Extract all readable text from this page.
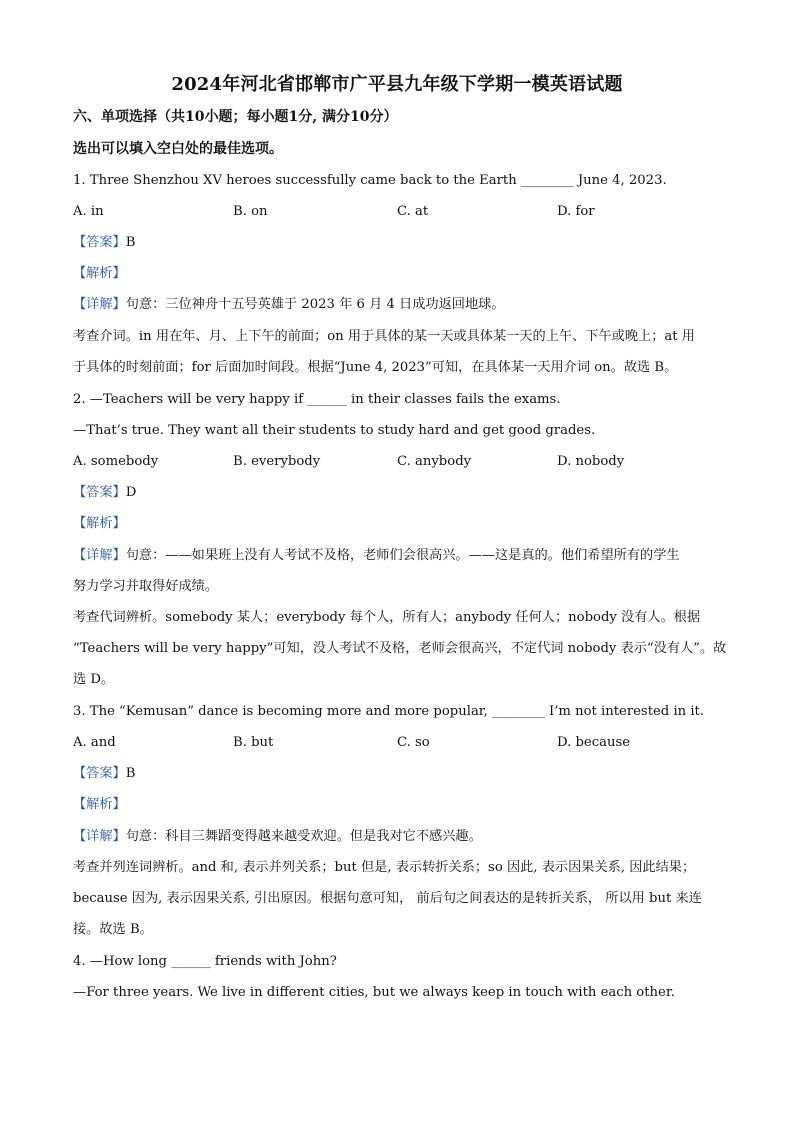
2024年河北省邯郸市广平县九年级下学期一模英语试题
六、单项选择（共10小题；每小题1分, 满分10分）
选出可以填入空白处的最佳选项。
1. Three Shenzhou XV heroes successfully came back to the Earth ________ June 4, 2023.
A. in	B. on	C. at	D. for
【答案】B
【解析】
【详解】句意：三位神舟十五号英雄于 2023 年 6 月 4 日成功返回地球。
考查介词。in 用在年、月、上下午的前面；on 用于具体的某一天或具体某一天的上午、下午或晚上；at 用
于具体的时刻前面；for 后面加时间段。根据“June 4, 2023”可知，在具体某一天用介词 on。故选 B。
2. —Teachers will be very happy if ______ in their classes fails the exams.
—That’s true. They want all their students to study hard and get good grades.
A. somebody	B. everybody	C. anybody	D. nobody
【答案】D
【解析】
【详解】句意：——如果班上没有人考试不及格，老师们会很高兴。——这是真的。他们希望所有的学生
努力学习并取得好成绩。
考查代词辨析。somebody 某人；everybody 每个人，所有人；anybody 任何人；nobody 没有人。根据
“Teachers will be very happy”可知，没人考试不及格，老师会很高兴，不定代词 nobody 表示“没有人”。故
选 D。
3. The “Kemusan” dance is becoming more and more popular, ________ I’m not interested in it.
A. and	B. but	C. so	D. because
【答案】B
【解析】
【详解】句意：科目三舞蹈变得越来越受欢迎。但是我对它不感兴趣。
考查并列连词辨析。and 和, 表示并列关系；but 但是, 表示转折关系；so 因此, 表示因果关系, 因此结果；
because 因为, 表示因果关系, 引出原因。根据句意可知， 前后句之间表达的是转折关系， 所以用 but 来连
接。故选 B。
4. —How long ______ friends with John?
—For three years. We live in different cities, but we always keep in touch with each other.
